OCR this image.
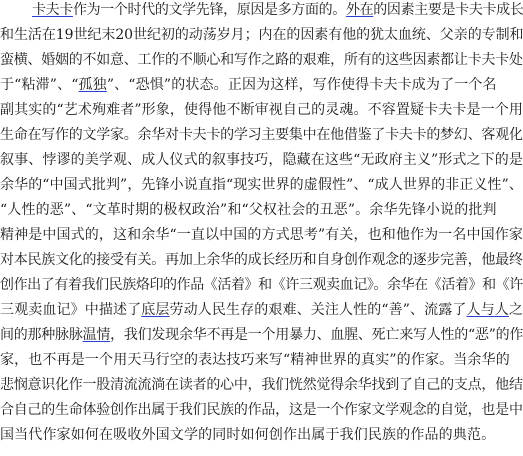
卡夫卡作为一个时代的文学先锋，原因是多方面的。外在的因素主要是卡夫卡成长
和生活在19世纪末20世纪初的动荡岁月；内在的因素有他的犹太血统、父亲的专制和
蛮横、婚姻的不如意、工作的不顺心和写作之路的艰难，所有的这些因素都让卡夫卡处
于“粘滞”、“孤独”、“恐惧”的状态。正因为这样，写作使得卡夫卡成为了一个名
副其实的“艺术殉难者”形象，使得他不断审视自己的灵魂。不容置疑卡夫卡是一个用
生命在写作的文学家。余华对卡夫卡的学习主要集中在他借鉴了卡夫卡的梦幻、客观化
叙事、悖谬的美学观、成人仪式的叙事技巧，隐藏在这些“无政府主义”形式之下的是
余华的“中国式批判”，先锋小说直指“现实世界的虚假性”、“成人世界的非正义性”、
“人性的恶”、“文革时期的极权政治”和“父权社会的丑恶”。余华先锋小说的批判
精神是中国式的，这和余华“一直以中国的方式思考”有关，也和他作为一名中国作家
对本民族文化的接受有关。再加上余华的成长经历和自身创作观念的逐步完善，他最终
创作出了有着我们民族烙印的作品《活着》和《许三观卖血记》。余华在《活着》和《许
三观卖血记》中描述了底层劳动人民生存的艰难、关注人性的“善”、流露了人与人之
间的那种脉脉温情，我们发现余华不再是一个用暴力、血腥、死亡来写人性的“恶”的作
家，也不再是一个用天马行空的表达技巧来写“精神世界的真实”的作家。当余华的
悲悯意识化作一股清流流淌在读者的心中，我们恍然觉得余华找到了自己的支点，他结
合自己的生命体验创作出属于我们民族的作品，这是一个作家文学观念的自觉，也是中
国当代作家如何在吸收外国文学的同时如何创作出属于我们民族的作品的典范。
